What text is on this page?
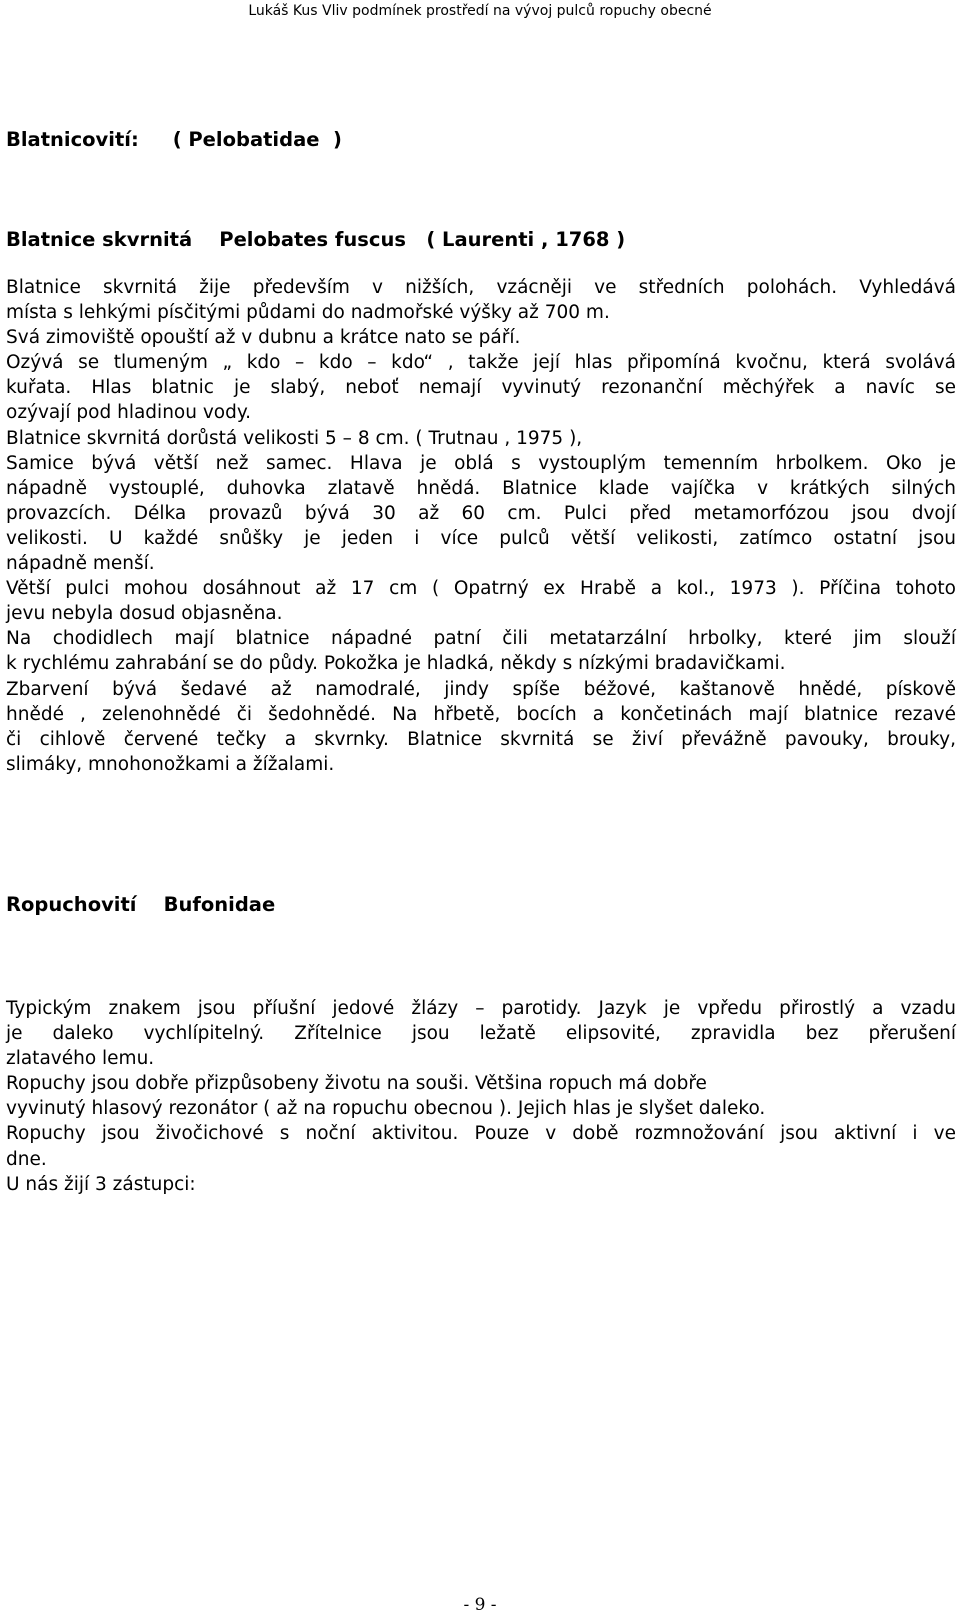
Lukáš Kus Vliv podmínek prostředí na vývoj pulců ropuchy obecné
Blatnicovití:     ( Pelobatidae  )
Blatnice skvrnitá    Pelobates fuscus   ( Laurenti , 1768 )
Blatnice skvrnitá žije především v nižších, vzácněji ve středních polohách. Vyhledává
místa s lehkými písčitými půdami do nadmořské výšky až 700 m.
Svá zimoviště opouští až v dubnu a krátce nato se páří.
Ozývá se tlumeným „ kdo – kdo – kdo“ , takže její hlas připomíná kvočnu, která svolává
kuřata. Hlas blatnic je slabý, neboť nemají vyvinutý rezonanční měchýřek a navíc se
ozývají pod hladinou vody.
Blatnice skvrnitá dorůstá velikosti 5 – 8 cm. ( Trutnau , 1975 ),
Samice bývá větší než samec. Hlava je oblá s vystouplým temenním hrbolkem. Oko je
nápadně vystouplé, duhovka zlatavě hnědá. Blatnice klade vajíčka v krátkých silných
provazcích. Délka provazů bývá 30 až 60 cm. Pulci před metamorfózou jsou dvojí
velikosti. U každé snůšky je jeden i více pulců větší velikosti, zatímco ostatní jsou
nápadně menší.
Větší pulci mohou dosáhnout až 17 cm ( Opatrný ex Hrabě a kol., 1973 ). Příčina tohoto
jevu nebyla dosud objasněna.
Na chodidlech mají blatnice nápadné patní čili metatarzální hrbolky, které jim slouží
k rychlému zahrabání se do půdy. Pokožka je hladká, někdy s nízkými bradavičkami.
Zbarvení bývá šedavé až namodralé, jindy spíše béžové, kaštanově hnědé, pískově
hnědé , zelenohnědé či šedohnědé. Na hřbetě, bocích a končetinách mají blatnice rezavé
či cihlově červené tečky a skvrnky. Blatnice skvrnitá se živí převážně pavouky, brouky,
slimáky, mnohonožkami a žížalami.
Ropuchovití    Bufonidae
Typickým znakem jsou příušní jedové žlázy – parotidy. Jazyk je vpředu přirostlý a vzadu
je daleko vychlípitelný. Zřítelnice jsou ležatě elipsovité, zpravidla bez přerušení
zlatavého lemu.
Ropuchy jsou dobře přizpůsobeny životu na souši. Většina ropuch má dobře
vyvinutý hlasový rezonátor ( až na ropuchu obecnou ). Jejich hlas je slyšet daleko.
Ropuchy jsou živočichové s noční aktivitou. Pouze v době rozmnožování jsou aktivní i ve
dne.
U nás žijí 3 zástupci:
- 9 -
